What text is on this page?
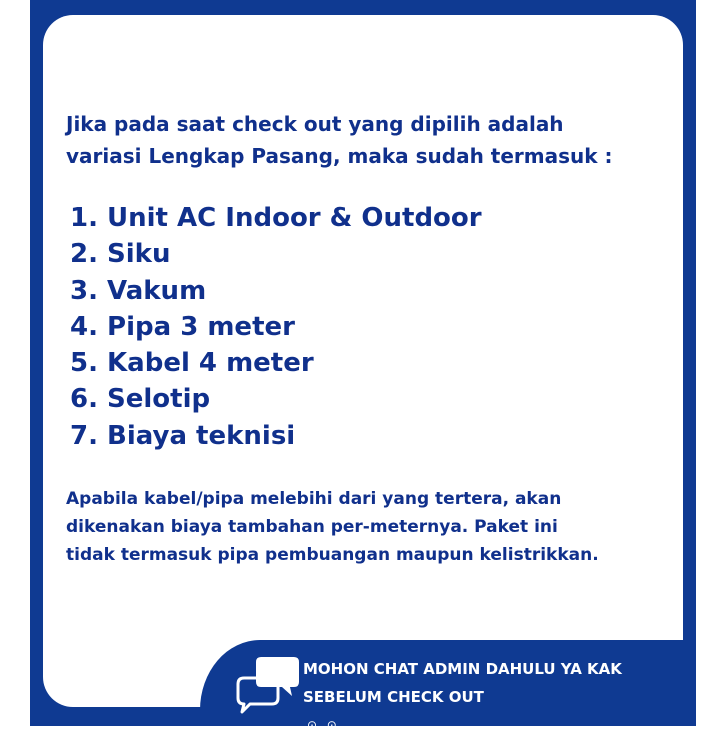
Jika pada saat check out yang dipilih adalah
variasi Lengkap Pasang, maka sudah termasuk :

1. Unit AC Indoor & Outdoor
2. Siku
3. Vakum
4. Pipa 3 meter
5. Kabel 4 meter
6. Selotip
7. Biaya teknisi

Apabila kabel/pipa melebihi dari yang tertera, akan
dikenakan biaya tambahan per-meternya. Paket ini
tidak termasuk pipa pembuangan maupun kelistrikkan.

MOHON CHAT ADMIN DAHULU YA KAK
SEBELUM CHECK OUT
⊙‿⊙
